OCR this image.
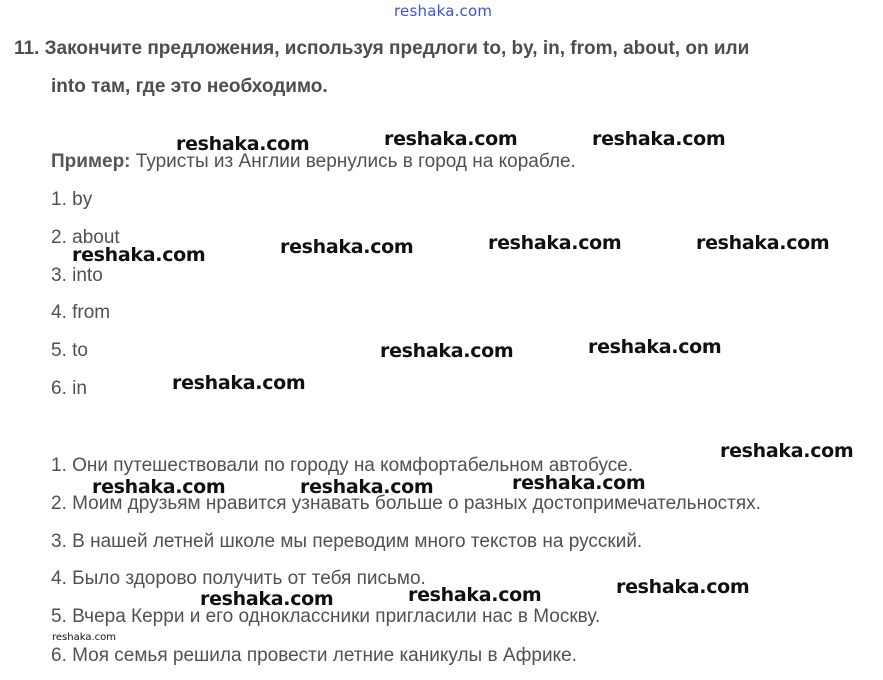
reshaka.com
11. Закончите предложения, используя предлоги to, by, in, from, about, on или
into там, где это необходимо.
Пример: Туристы из Англии вернулись в город на корабле.
1. by
2. about
3. into
4. from
5. to
6. in
1. Они путешествовали по городу на комфортабельном автобусе.
2. Моим друзьям нравится узнавать больше о разных достопримечательностях.
3. В нашей летней школе мы переводим много текстов на русский.
4. Было здорово получить от тебя письмо.
5. Вчера Керри и его одноклассники пригласили нас в Москву.
6. Моя семья решила провести летние каникулы в Африке.
reshaka.com	reshaka.com	reshaka.com
reshaka.com	reshaka.com	reshaka.com	reshaka.com
reshaka.com	reshaka.com
reshaka.com
reshaka.com
reshaka.com	reshaka.com	reshaka.com
reshaka.com
reshaka.com	reshaka.com
reshaka.com
